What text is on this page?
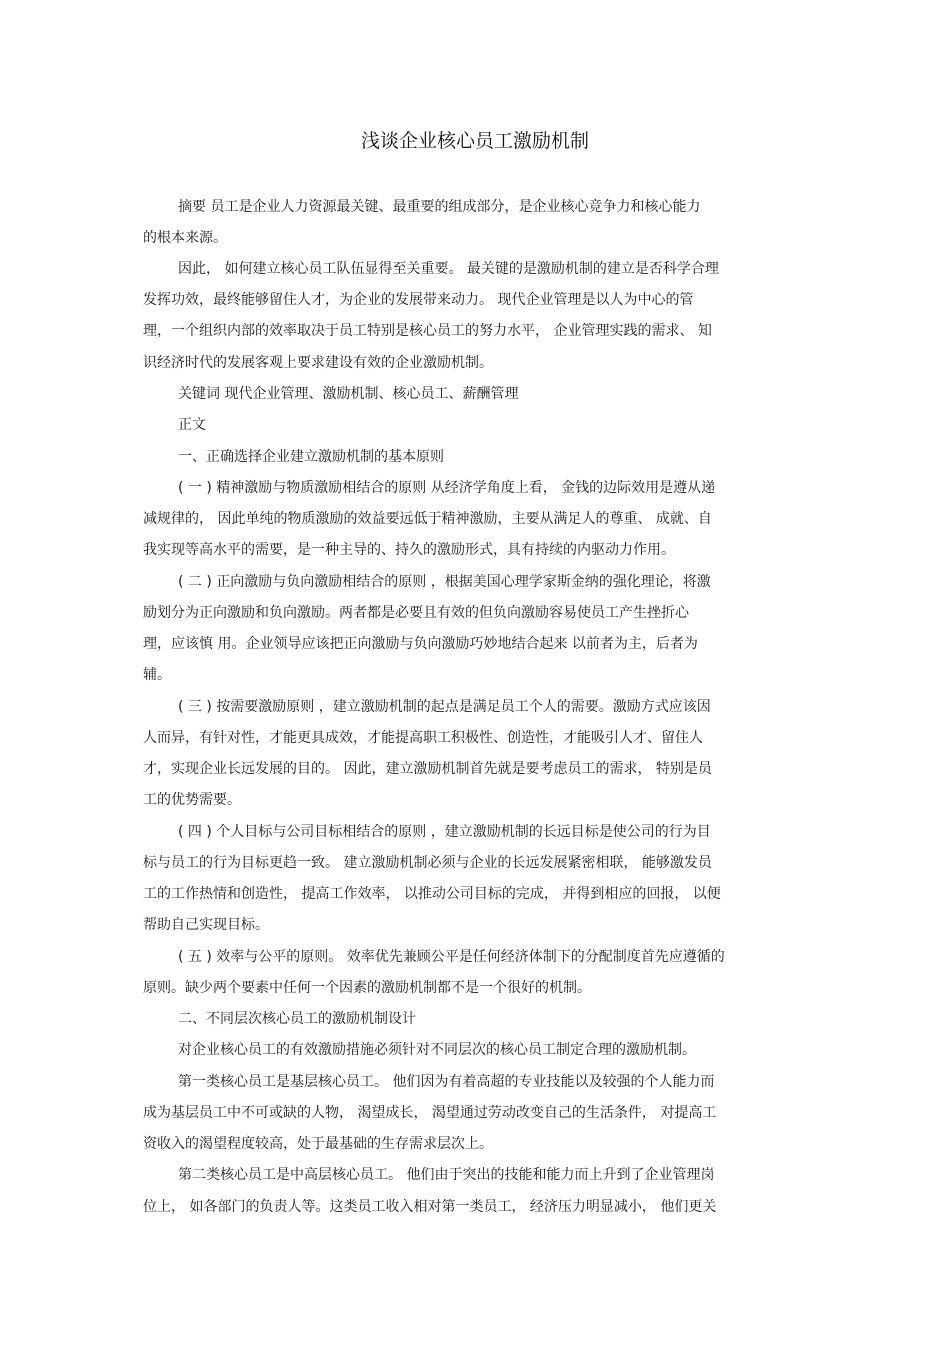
浅谈企业核心员工激励机制
摘要 员工是企业人力资源最关键、最重要的组成部分，是企业核心竞争力和核心能力
的根本来源。
因此， 如何建立核心员工队伍显得至关重要。 最关键的是激励机制的建立是否科学合理
发挥功效，最终能够留住人才，为企业的发展带来动力。 现代企业管理是以人为中心的管
理，一个组织内部的效率取决于员工特别是核心员工的努力水平， 企业管理实践的需求、 知
识经济时代的发展客观上要求建设有效的企业激励机制。
关键词 现代企业管理、激励机制、核心员工、薪酬管理
正文
一、正确选择企业建立激励机制的基本原则
( 一 ) 精神激励与物质激励相结合的原则 从经济学角度上看， 金钱的边际效用是遵从递
减规律的， 因此单纯的物质激励的效益要远低于精神激励，主要从满足人的尊重、 成就、自
我实现等高水平的需要，是一种主导的、持久的激励形式，具有持续的内驱动力作用。
( 二 ) 正向激励与负向激励相结合的原则 ，根据美国心理学家斯金纳的强化理论，将激
励划分为正向激励和负向激励。两者都是必要且有效的但负向激励容易使员工产生挫折心
理，应该慎 用。企业领导应该把正向激励与负向激励巧妙地结合起来 以前者为主，后者为
辅。
( 三 ) 按需要激励原则 ，建立激励机制的起点是满足员工个人的需要。激励方式应该因
人而异，有针对性，才能更具成效，才能提高职工积极性、创造性，才能吸引人才、留住人
才，实现企业长远发展的目的。 因此，建立激励机制首先就是要考虑员工的需求， 特别是员
工的优势需要。
( 四 ) 个人目标与公司目标相结合的原则 ，建立激励机制的长远目标是使公司的行为目
标与员工的行为目标更趋一致。 建立激励机制必须与企业的长远发展紧密相联， 能够激发员
工的工作热情和创造性， 提高工作效率， 以推动公司目标的完成， 并得到相应的回报， 以便
帮助自己实现目标。
( 五 ) 效率与公平的原则。 效率优先兼顾公平是任何经济体制下的分配制度首先应遵循的
原则。缺少两个要素中任何一个因素的激励机制都不是一个很好的机制。
二、不同层次核心员工的激励机制设计
对企业核心员工的有效激励措施必须针对不同层次的核心员工制定合理的激励机制。
第一类核心员工是基层核心员工。 他们因为有着高超的专业技能以及较强的个人能力而
成为基层员工中不可或缺的人物， 渴望成长， 渴望通过劳动改变自己的生活条件， 对提高工
资收入的渴望程度较高，处于最基础的生存需求层次上。
第二类核心员工是中高层核心员工。 他们由于突出的技能和能力而上升到了企业管理岗
位上， 如各部门的负责人等。这类员工收入相对第一类员工， 经济压力明显减小， 他们更关
